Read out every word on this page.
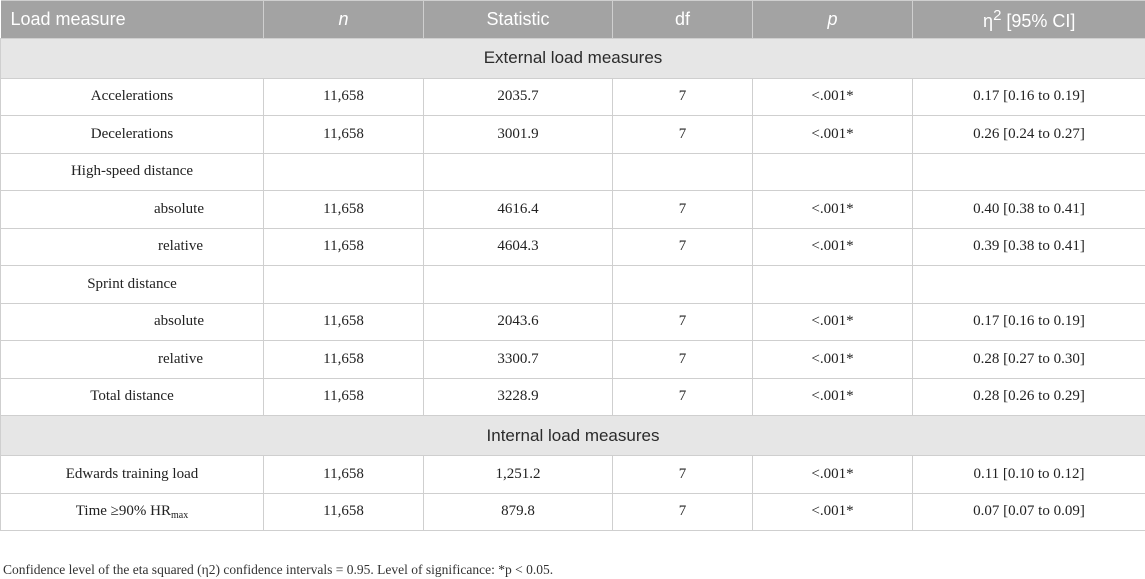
Load measure	n	Statistic	df	p	$\eta^2$ [95% CI]
External load measures					
Accelerations	11,658	2035.7	7	<.001*	0.17 [0.16 to 0.19]
Decelerations	11,658	3001.9	7	<.001*	0.26 [0.24 to 0.27]
High-speed distance					
absolute	11,658	4616.4	7	<.001*	0.40 [0.38 to 0.41]
relative	11,658	4604.3	7	<.001*	0.39 [0.38 to 0.41]
Sprint distance					
absolute	11,658	2043.6	7	<.001*	0.17 [0.16 to 0.19]
relative	11,658	3300.7	7	<.001*	0.28 [0.27 to 0.30]
Total distance	11,658	3228.9	7	<.001*	0.28 [0.26 to 0.29]
Internal load measures					
Edwards training load	11,658	1,251.2	7	<.001*	0.11 [0.10 to 0.12]
Time ≥90% $HR_{max}$	11,658	879.8	7	<.001*	0.07 [0.07 to 0.09]
Confidence level of the eta squared (η2) confidence intervals = 0.95. Level of significance: *p < 0.05.
